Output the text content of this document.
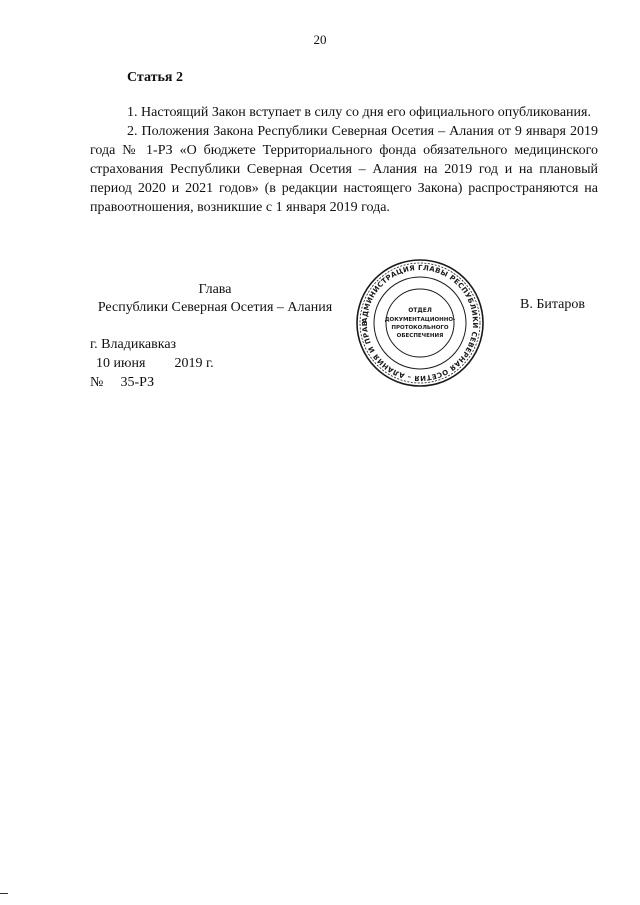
20
Статья 2

1. Настоящий Закон вступает в силу со дня его официального опубликования.

2. Положения Закона Республики Северная Осетия – Алания от 9 января 2019 года № 1-РЗ «О бюджете Территориального фонда обязательного медицинского страхования Республики Северная Осетия – Алания на 2019 год и на плановый период 2020 и 2021 годов» (в редакции настоящего Закона) распространяются на правоотношения, возникшие с 1 января 2019 года.

Глава
Республики Северная Осетия – Алания	В. Битаров
АДМИНИСТРАЦИЯ ГЛАВЫ РЕСПУБЛИКИ СЕВЕРНАЯ ОСЕТИЯ – АЛАНИЯ И ПРАВ
ОТДЕЛ
ДОКУМЕНТАЦИОННО-
ПРОТОКОЛЬНОГО
ОБЕСПЕЧЕНИЯ
г. Владикавказ
10 июня 2019 г.
№ 35-РЗ
